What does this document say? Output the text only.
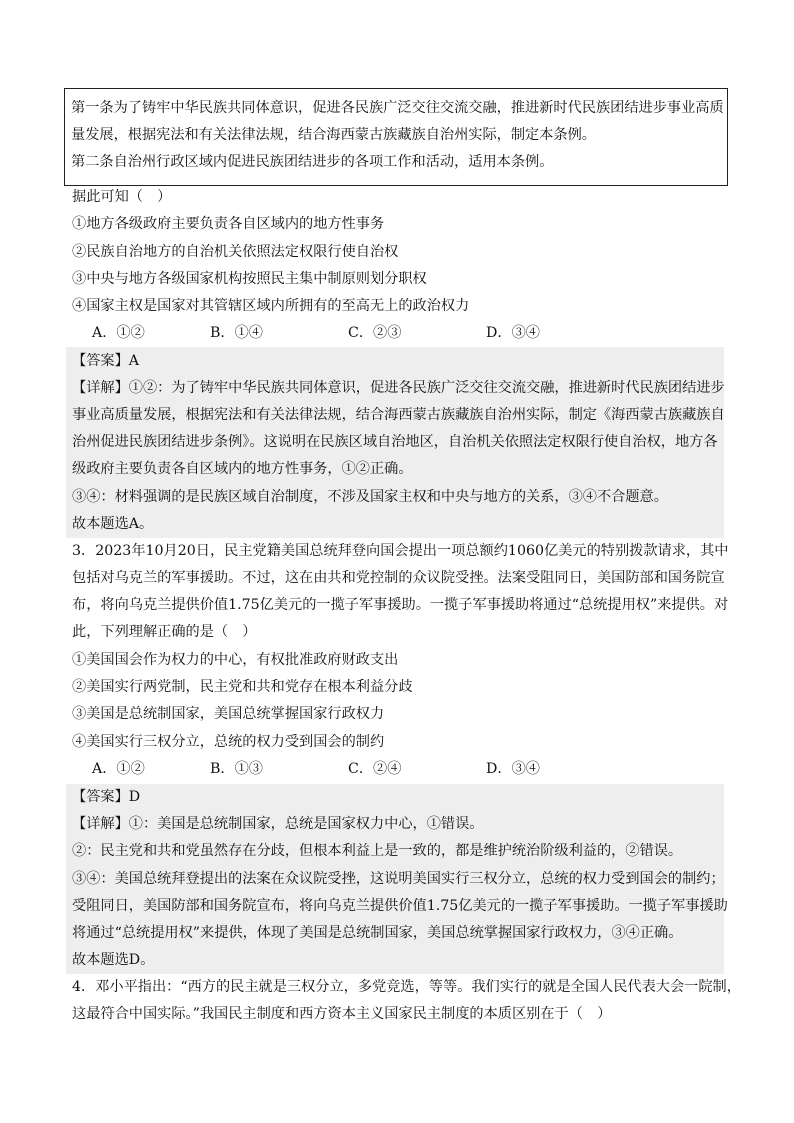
第一条为了铸牢中华民族共同体意识，促进各民族广泛交往交流交融，推进新时代民族团结进步事业高质
量发展，根据宪法和有关法律法规，结合海西蒙古族藏族自治州实际，制定本条例。
第二条自治州行政区域内促进民族团结进步的各项工作和活动，适用本条例。
据此可知（　）
①地方各级政府主要负责各自区域内的地方性事务
②民族自治地方的自治机关依照法定权限行使自治权
③中央与地方各级国家机构按照民主集中制原则划分职权
④国家主权是国家对其管辖区域内所拥有的至高无上的政治权力
A．①②	B．①④	C．②③	D．③④
【答案】A
【详解】①②：为了铸牢中华民族共同体意识，促进各民族广泛交往交流交融，推进新时代民族团结进步
事业高质量发展，根据宪法和有关法律法规，结合海西蒙古族藏族自治州实际，制定《海西蒙古族藏族自
治州促进民族团结进步条例》。这说明在民族区域自治地区，自治机关依照法定权限行使自治权，地方各
级政府主要负责各自区域内的地方性事务，①②正确。
③④：材料强调的是民族区域自治制度，不涉及国家主权和中央与地方的关系，③④不合题意。
故本题选A。
3．2023年10月20日，民主党籍美国总统拜登向国会提出一项总额约1060亿美元的特别拨款请求，其中
包括对乌克兰的军事援助。不过，这在由共和党控制的众议院受挫。法案受阻同日，美国防部和国务院宣
布，将向乌克兰提供价值1.75亿美元的一揽子军事援助。一揽子军事援助将通过“总统提用权”来提供。对
此，下列理解正确的是（　）
①美国国会作为权力的中心，有权批准政府财政支出
②美国实行两党制，民主党和共和党存在根本利益分歧
③美国是总统制国家，美国总统掌握国家行政权力
④美国实行三权分立，总统的权力受到国会的制约
A．①②	B．①③	C．②④	D．③④
【答案】D
【详解】①：美国是总统制国家，总统是国家权力中心，①错误。
②：民主党和共和党虽然存在分歧，但根本利益上是一致的，都是维护统治阶级利益的，②错误。
③④：美国总统拜登提出的法案在众议院受挫，这说明美国实行三权分立，总统的权力受到国会的制约；
受阻同日，美国防部和国务院宣布，将向乌克兰提供价值1.75亿美元的一揽子军事援助。一揽子军事援助
将通过“总统提用权”来提供，体现了美国是总统制国家，美国总统掌握国家行政权力，③④正确。
故本题选D。
4．邓小平指出：“西方的民主就是三权分立，多党竞选，等等。我们实行的就是全国人民代表大会一院制，
这最符合中国实际。”我国民主制度和西方资本主义国家民主制度的本质区别在于（　）
